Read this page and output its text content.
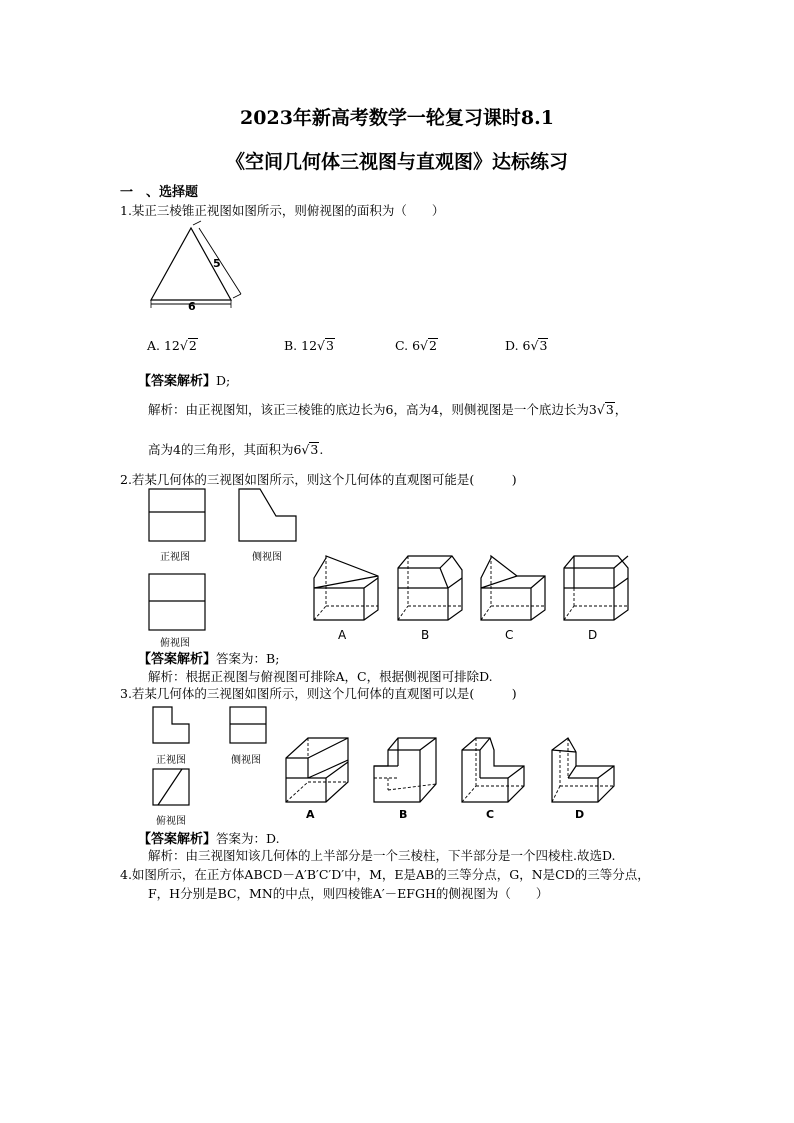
2023年新高考数学一轮复习课时8.1
《空间几何体三视图与直观图》达标练习
一　、选择题
1.某正三棱锥正视图如图所示，则俯视图的面积为（　　）
5
6
A. 12√2	B. 12√3	C. 6√2	D. 6√3
【答案解析】D;
解析：由正视图知，该正三棱锥的底边长为6，高为4，则侧视图是一个底边长为3√3，
高为4的三角形，其面积为6√3.
2.若某几何体的三视图如图所示，则这个几何体的直观图可能是(　　　)
正视图	侧视图
俯视图
A	B	C	D
【答案解析】答案为：B;
解析：根据正视图与俯视图可排除A，C，根据侧视图可排除D.
3.若某几何体的三视图如图所示，则这个几何体的直观图可以是(　　　)
正视图	侧视图
俯视图
A	B	C	D
【答案解析】答案为：D.
解析：由三视图知该几何体的上半部分是一个三棱柱，下半部分是一个四棱柱.故选D.
4.如图所示，在正方体ABCD－A′B′C′D′中，M，E是AB的三等分点，G，N是CD的三等分点，
F，H分别是BC，MN的中点，则四棱锥A′－EFGH的侧视图为（　　）
